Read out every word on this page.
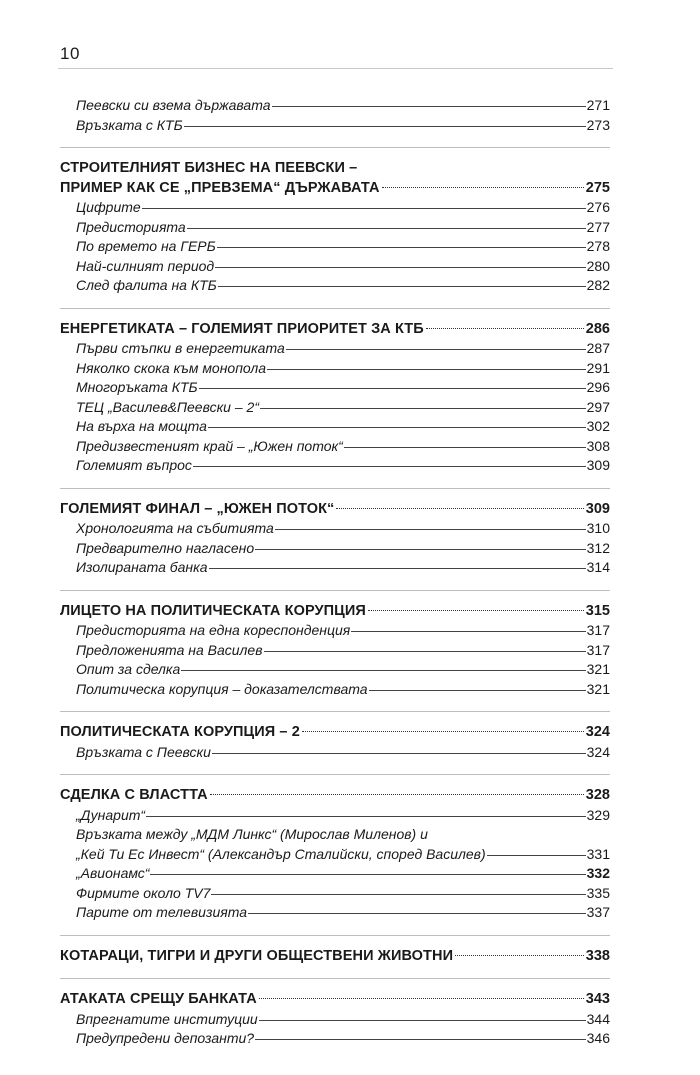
10
Пеевски си взема държавата	271
Връзката с КТБ	273
СТРОИТЕЛНИЯТ БИЗНЕС НА ПЕЕВСКИ –
ПРИМЕР КАК СЕ „ПРЕВЗЕМА“ ДЪРЖАВАТА	275
Цифрите	276
Предисторията	277
По времето на ГЕРБ	278
Най-силният период	280
След фалита на КТБ	282
ЕНЕРГЕТИКАТА – ГОЛЕМИЯТ ПРИОРИТЕТ ЗА КТБ	286
Първи стъпки в енергетиката	287
Няколко скока към монопола	291
Многоръката КТБ	296
ТЕЦ „Василев&Пеевски – 2“	297
На върха на мощта	302
Предизвестеният край – „Южен поток“	308
Големият въпрос	309
ГОЛЕМИЯТ ФИНАЛ – „ЮЖЕН ПОТОК“	309
Хронологията на събитията	310
Предварително нагласено	312
Изолираната банка	314
ЛИЦЕТО НА ПОЛИТИЧЕСКАТА КОРУПЦИЯ	315
Предисторията на една кореспонденция	317
Предложенията на Василев	317
Опит за сделка	321
Политическа корупция – доказателствата	321
ПОЛИТИЧЕСКАТА КОРУПЦИЯ – 2	324
Връзката с Пеевски	324
СДЕЛКА С ВЛАСТТА	328
„Дунарит“	329
Връзката между „МДМ Линкс“ (Мирослав Миленов) и
„Кей Ти Ес Инвест“ (Александър Сталийски, според Василев)	331
„Авионамс“	332
Фирмите около TV7	335
Парите от телевизията	337
КОТАРАЦИ, ТИГРИ И ДРУГИ ОБЩЕСТВЕНИ ЖИВОТНИ	338
АТАКАТА СРЕЩУ БАНКАТА	343
Впрегнатите институции	344
Предупредени депозанти?	346
